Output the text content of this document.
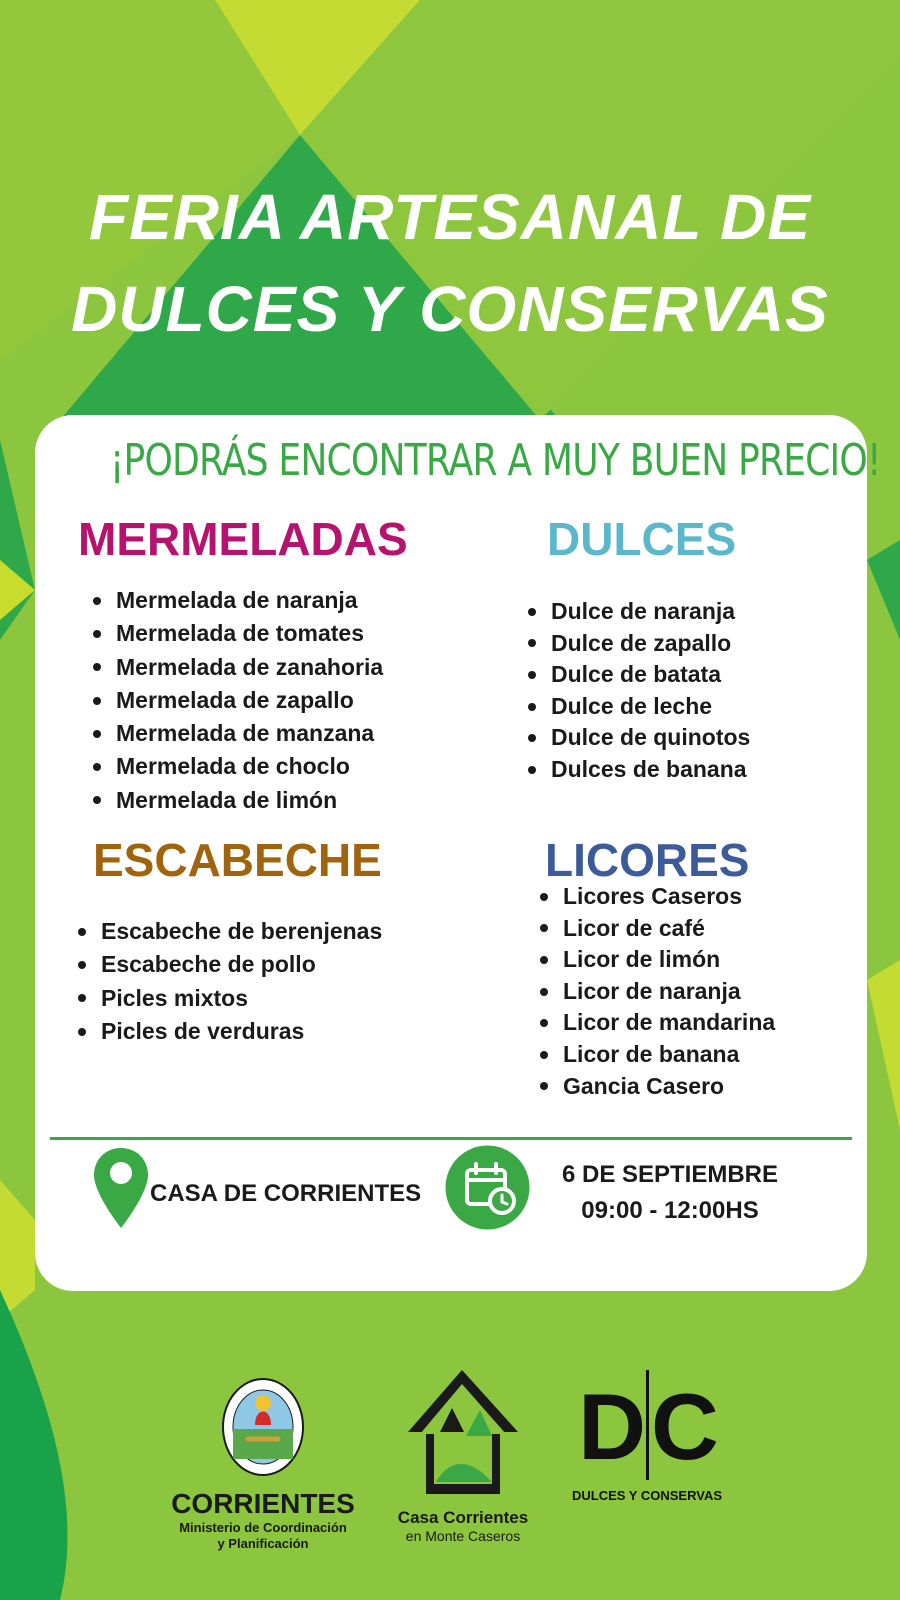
FERIA ARTESANAL DE
DULCES Y CONSERVAS
¡PODRÁS ENCONTRAR A MUY BUEN PRECIO!
MERMELADAS
Mermelada de naranja
Mermelada de tomates
Mermelada de zanahoria
Mermelada de zapallo
Mermelada de manzana
Mermelada de choclo
Mermelada de limón
DULCES
Dulce de naranja
Dulce de zapallo
Dulce de batata
Dulce de leche
Dulce de quinotos
Dulces de banana
ESCABECHE
Escabeche de berenjenas
Escabeche de pollo
Picles mixtos
Picles de verduras
LICORES
Licores Caseros
Licor de café
Licor de limón
Licor de naranja
Licor de mandarina
Licor de banana
Gancia Casero
CASA DE CORRIENTES
6 DE SEPTIEMBRE
09:00 - 12:00HS
CORRIENTES
Ministerio de Coordinación
y Planificación
Casa Corrientes
en Monte Caseros
D C
DULCES Y CONSERVAS
